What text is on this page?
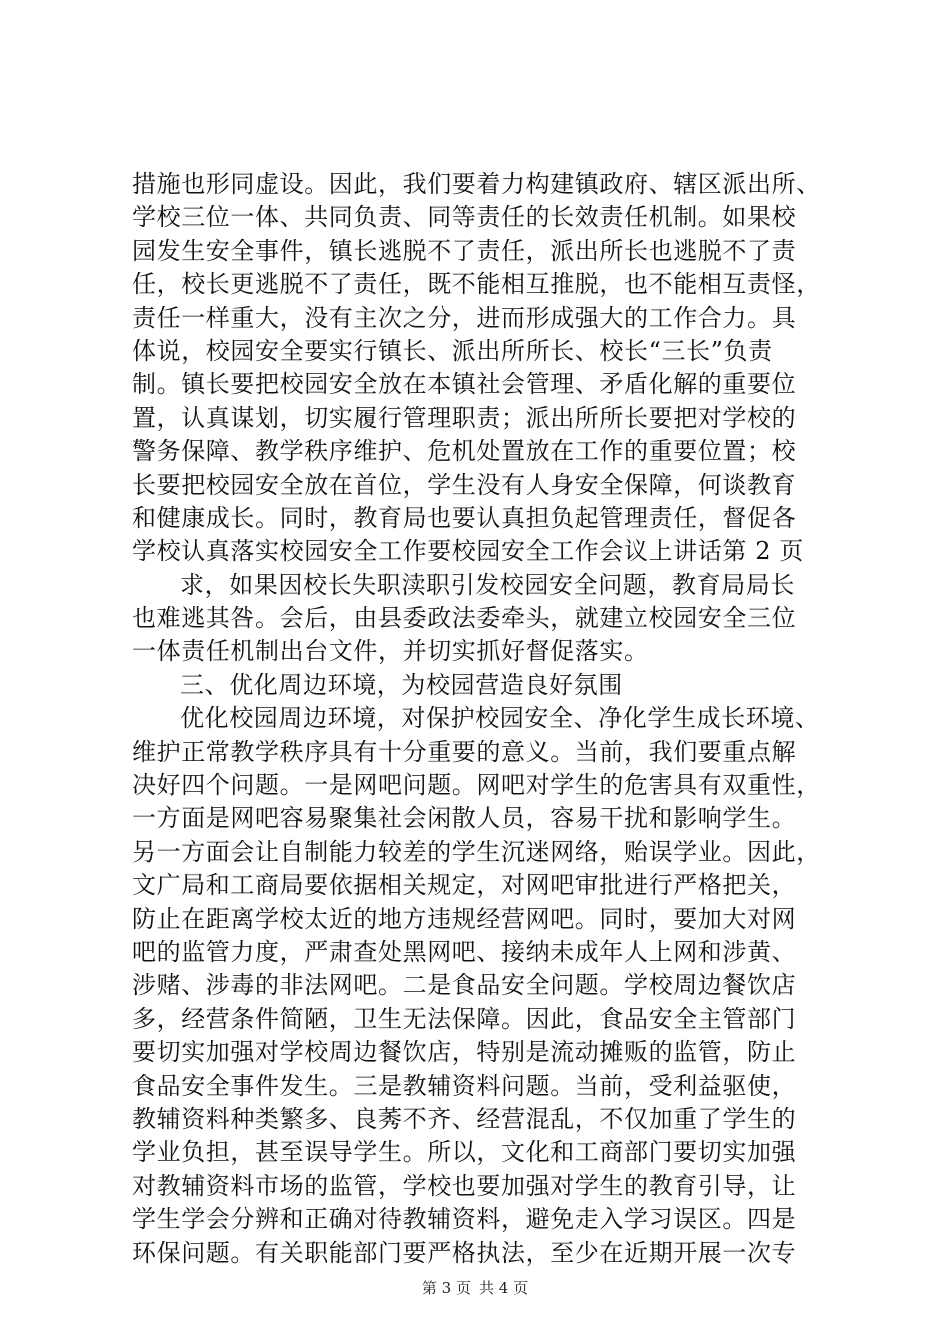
措施也形同虚设。因此，我们要着力构建镇政府、辖区派出所、
学校三位一体、共同负责、同等责任的长效责任机制。如果校
园发生安全事件，镇长逃脱不了责任，派出所长也逃脱不了责
任，校长更逃脱不了责任，既不能相互推脱，也不能相互责怪，
责任一样重大，没有主次之分，进而形成强大的工作合力。具
体说，校园安全要实行镇长、派出所所长、校长“三长”负责
制。镇长要把校园安全放在本镇社会管理、矛盾化解的重要位
置，认真谋划，切实履行管理职责；派出所所长要把对学校的
警务保障、教学秩序维护、危机处置放在工作的重要位置；校
长要把校园安全放在首位，学生没有人身安全保障，何谈教育
和健康成长。同时，教育局也要认真担负起管理责任，督促各
学校认真落实校园安全工作要校园安全工作会议上讲话第 2 页
求，如果因校长失职渎职引发校园安全问题，教育局局长
也难逃其咎。会后，由县委政法委牵头，就建立校园安全三位
一体责任机制出台文件，并切实抓好督促落实。
三、优化周边环境，为校园营造良好氛围
优化校园周边环境，对保护校园安全、净化学生成长环境、
维护正常教学秩序具有十分重要的意义。当前，我们要重点解
决好四个问题。一是网吧问题。网吧对学生的危害具有双重性，
一方面是网吧容易聚集社会闲散人员，容易干扰和影响学生。
另一方面会让自制能力较差的学生沉迷网络，贻误学业。因此，
文广局和工商局要依据相关规定，对网吧审批进行严格把关，
防止在距离学校太近的地方违规经营网吧。同时，要加大对网
吧的监管力度，严肃查处黑网吧、接纳未成年人上网和涉黄、
涉赌、涉毒的非法网吧。二是食品安全问题。学校周边餐饮店
多，经营条件简陋，卫生无法保障。因此，食品安全主管部门
要切实加强对学校周边餐饮店，特别是流动摊贩的监管，防止
食品安全事件发生。三是教辅资料问题。当前，受利益驱使，
教辅资料种类繁多、良莠不齐、经营混乱，不仅加重了学生的
学业负担，甚至误导学生。所以，文化和工商部门要切实加强
对教辅资料市场的监管，学校也要加强对学生的教育引导，让
学生学会分辨和正确对待教辅资料，避免走入学习误区。四是
环保问题。有关职能部门要严格执法，至少在近期开展一次专
第 3 页 共 4 页
